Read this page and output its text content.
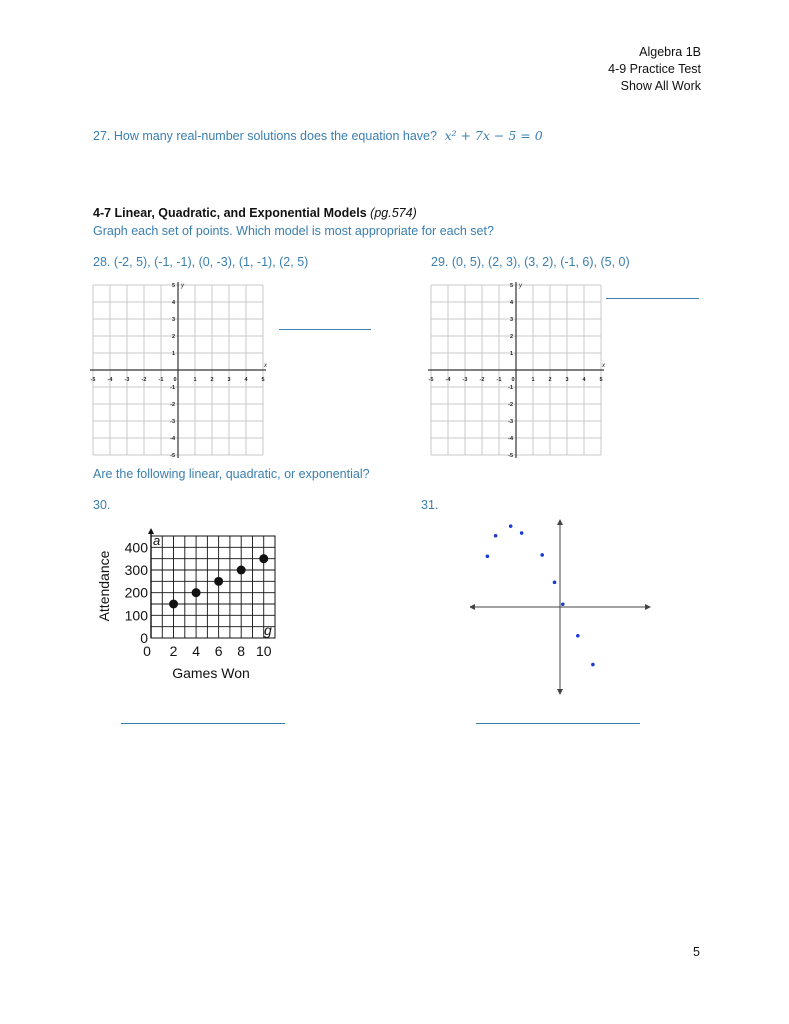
Algebra 1B
4-9 Practice Test
Show All Work
27. How many real-number solutions does the equation have? x² + 7x − 5 = 0
4-7 Linear, Quadratic, and Exponential Models (pg.574)
Graph each set of points. Which model is most appropriate for each set?
28. (-2, 5), (-1, -1), (0, -3), (1, -1), (2, 5)	29. (0, 5), (2, 3), (3, 2), (-1, 6), (5, 0)
-5 -4 -3 -2 -1 0	1	2	3	4	5
5
4
3
2
1
-1
-2
-3
-4
-5
x
y
-5 -4 -3 -2 -1 0	1	2	3	4	5
5
4
3
2
1
-1
-2
-3
-4
-5
x
y
Are the following linear, quadratic, or exponential?
30.
Attendance
Games Won
a
g
400
300
200
100
0
0 2 4 6 8 10
31.
5
